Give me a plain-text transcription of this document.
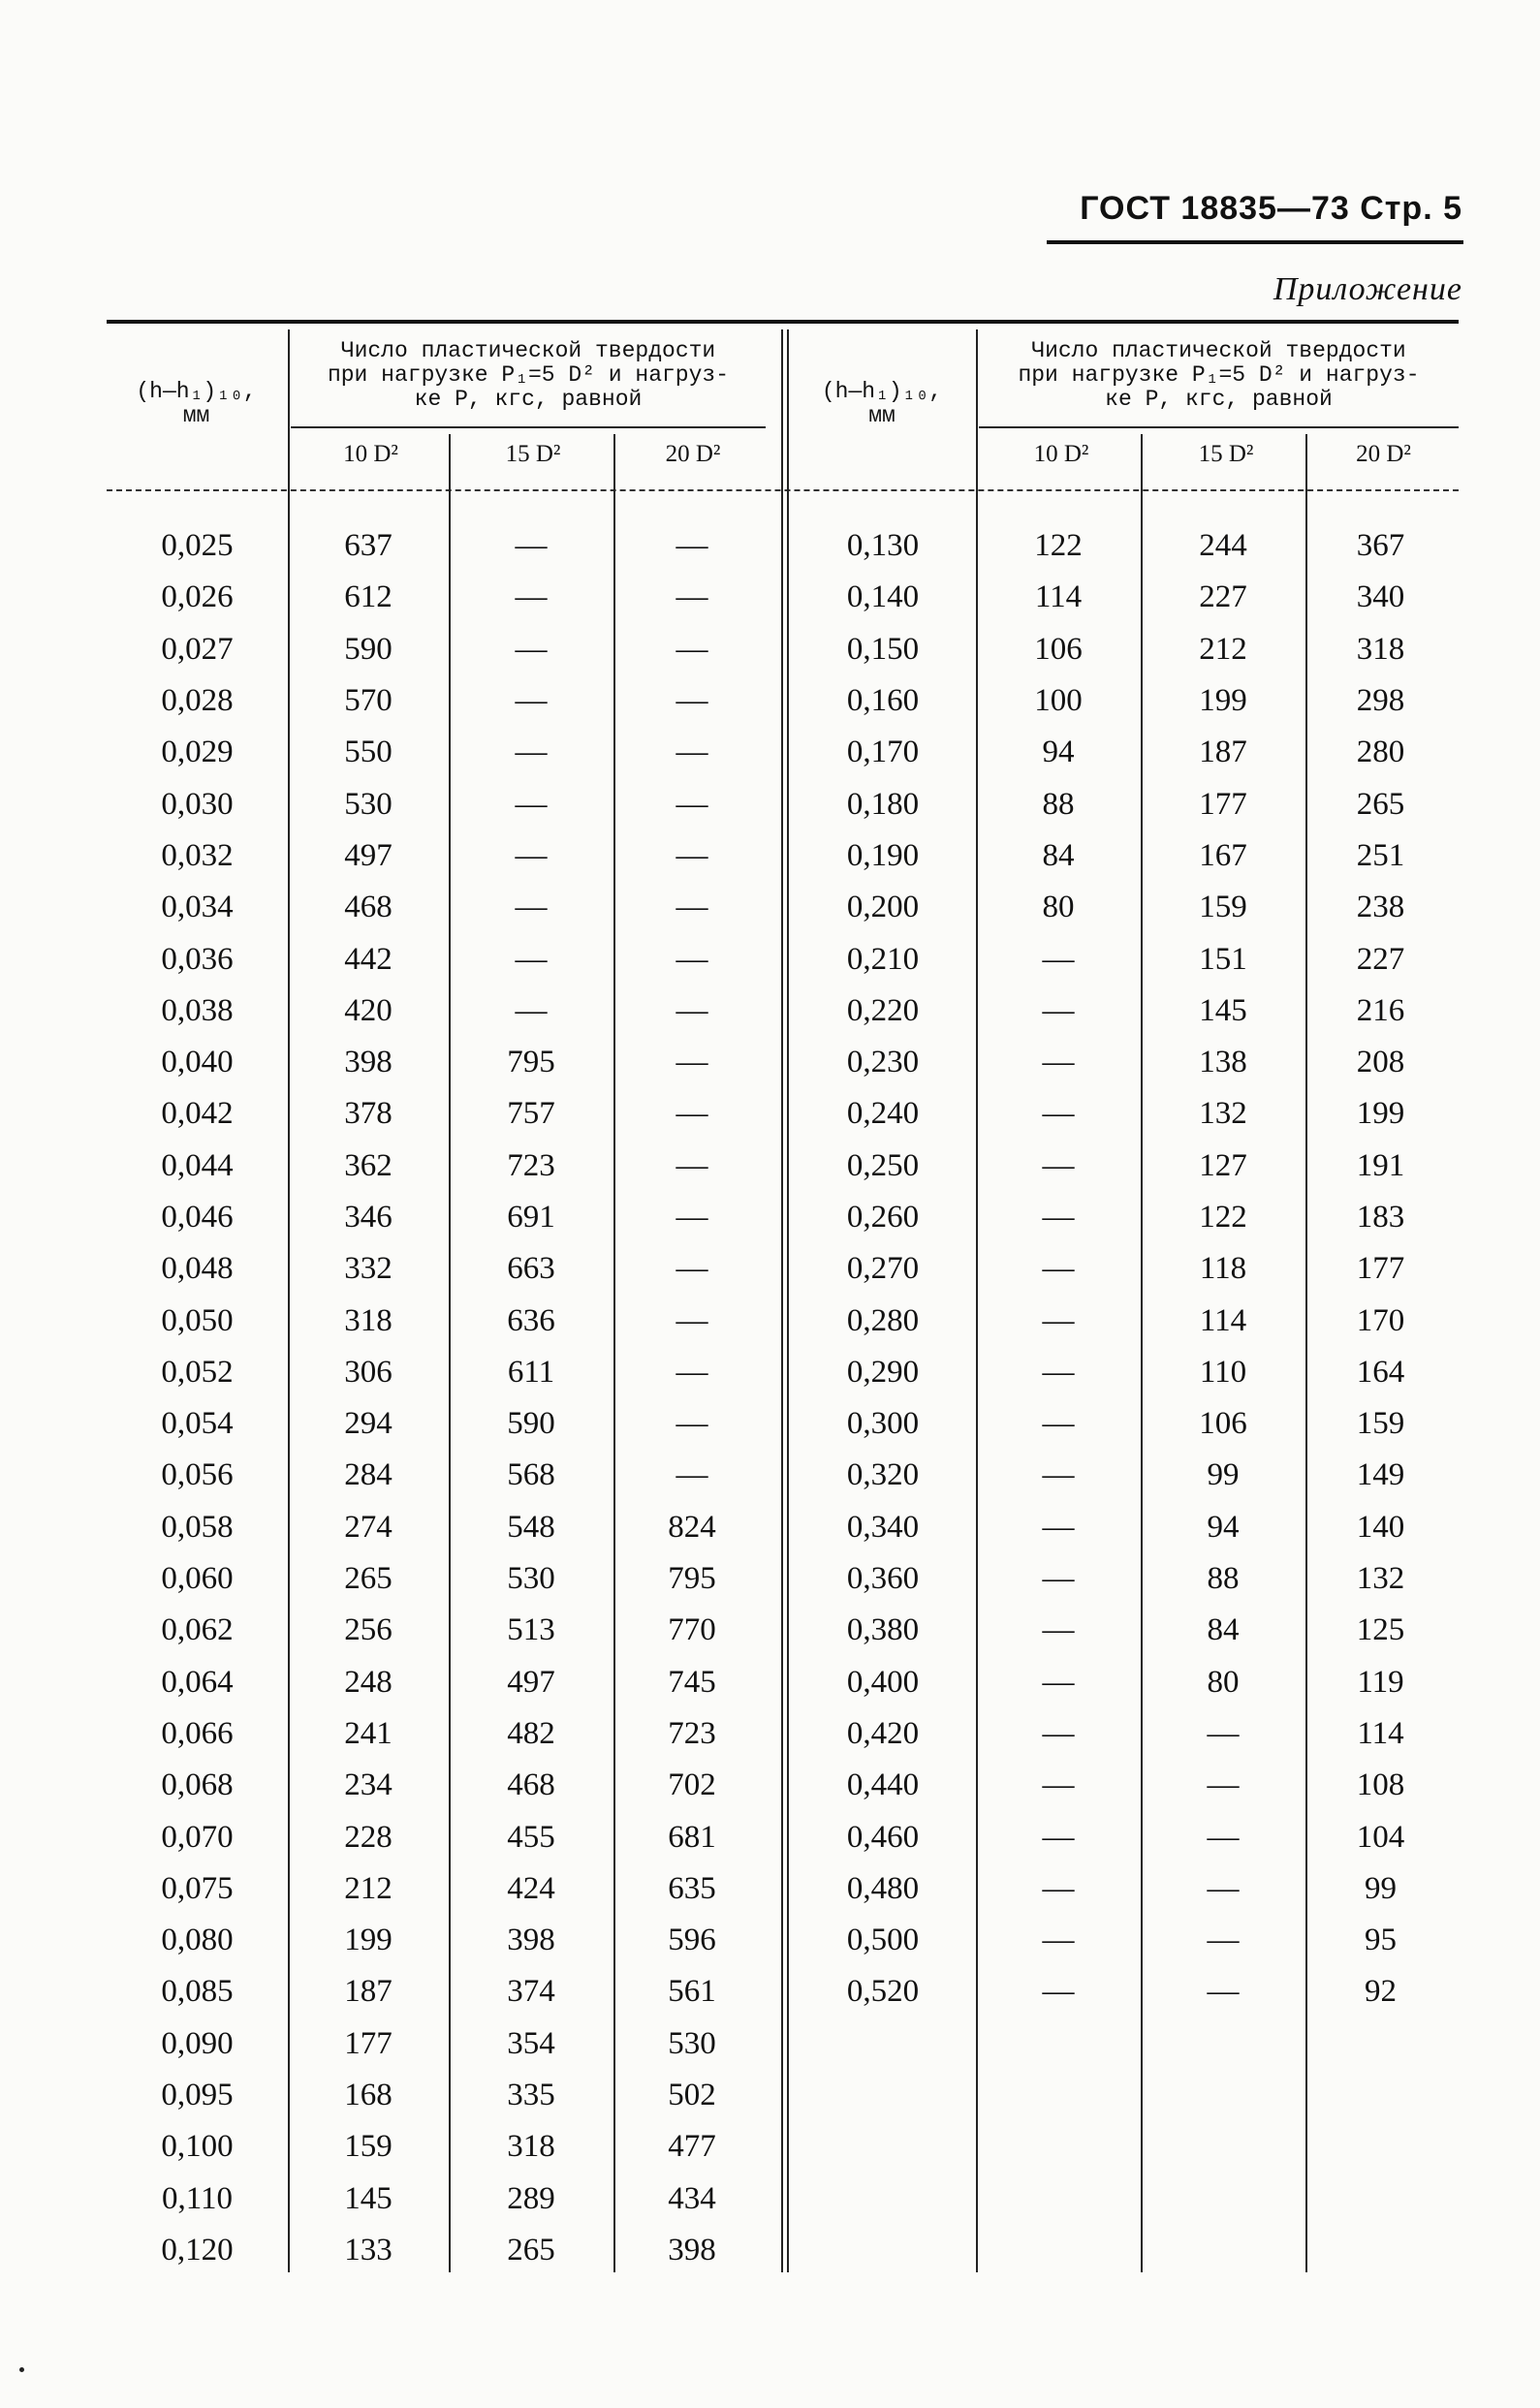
ГОСТ 18835—73 Стр. 5
Приложение
(h—h₁)₁₀,
мм
Число пластической твердости
при нагрузке P₁=5 D² и нагруз-
ке P, кгс, равной
10 D²	15 D²	20 D²
(h—h₁)₁₀,
мм
Число пластической твердости
при нагрузке P₁=5 D² и нагруз-
ке P, кгс, равной
10 D²	15 D²	20 D²
0,025	637	—	—
0,026	612	—	—
0,027	590	—	—
0,028	570	—	—
0,029	550	—	—
0,030	530	—	—
0,032	497	—	—
0,034	468	—	—
0,036	442	—	—
0,038	420	—	—
0,040	398	795	—
0,042	378	757	—
0,044	362	723	—
0,046	346	691	—
0,048	332	663	—
0,050	318	636	—
0,052	306	611	—
0,054	294	590	—
0,056	284	568	—
0,058	274	548	824
0,060	265	530	795
0,062	256	513	770
0,064	248	497	745
0,066	241	482	723
0,068	234	468	702
0,070	228	455	681
0,075	212	424	635
0,080	199	398	596
0,085	187	374	561
0,090	177	354	530
0,095	168	335	502
0,100	159	318	477
0,110	145	289	434
0,120	133	265	398
0,130	122	244	367
0,140	114	227	340
0,150	106	212	318
0,160	100	199	298
0,170	94	187	280
0,180	88	177	265
0,190	84	167	251
0,200	80	159	238
0,210	—	151	227
0,220	—	145	216
0,230	—	138	208
0,240	—	132	199
0,250	—	127	191
0,260	—	122	183
0,270	—	118	177
0,280	—	114	170
0,290	—	110	164
0,300	—	106	159
0,320	—	99	149
0,340	—	94	140
0,360	—	88	132
0,380	—	84	125
0,400	—	80	119
0,420	—	—	114
0,440	—	—	108
0,460	—	—	104
0,480	—	—	99
0,500	—	—	95
0,520	—	—	92
